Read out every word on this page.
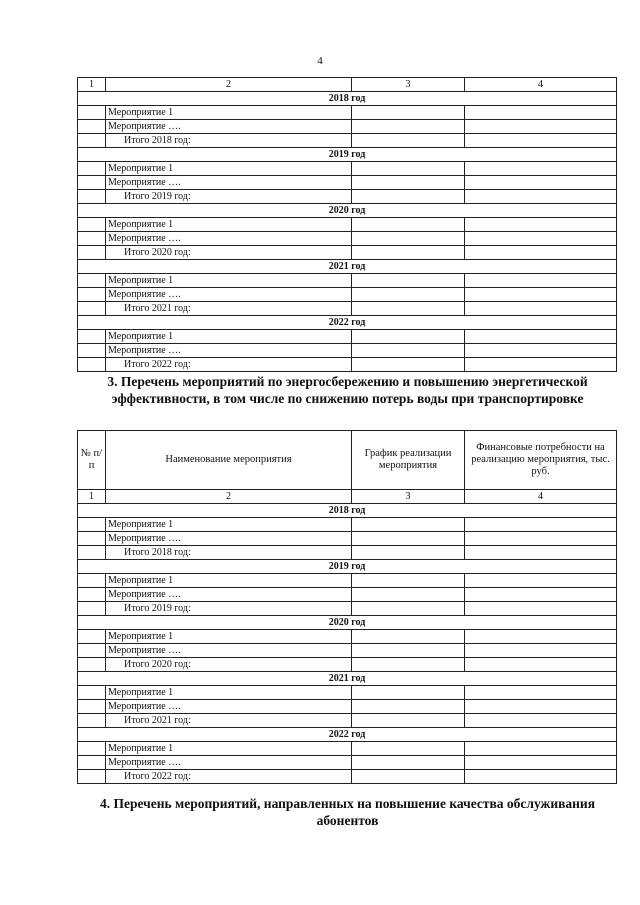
4
1	2	3	4
2018 год			
	Мероприятие 1		
	Мероприятие ….		
	Итого 2018 год:		
2019 год			
	Мероприятие 1		
	Мероприятие ….		
	Итого 2019 год:		
2020 год			
	Мероприятие 1		
	Мероприятие ….		
	Итого 2020 год:		
2021 год			
	Мероприятие 1		
	Мероприятие ….		
	Итого 2021 год:		
2022 год			
	Мероприятие 1		
	Мероприятие ….		
	Итого 2022 год:		
3. Перечень мероприятий по энергосбережению и повышению энергетической эффективности, в том числе по снижению потерь воды при транспортировке
№ п/п	Наименование мероприятия	График реализации мероприятия	Финансовые потребности на реализацию мероприятия, тыс. руб.
1	2	3	4
2018 год			
	Мероприятие 1		
	Мероприятие ….		
	Итого 2018 год:		
2019 год			
	Мероприятие 1		
	Мероприятие ….		
	Итого 2019 год:		
2020 год			
	Мероприятие 1		
	Мероприятие ….		
	Итого 2020 год:		
2021 год			
	Мероприятие 1		
	Мероприятие ….		
	Итого 2021 год:		
2022 год			
	Мероприятие 1		
	Мероприятие ….		
	Итого 2022 год:		
4. Перечень мероприятий, направленных на повышение качества обслуживания абонентов
